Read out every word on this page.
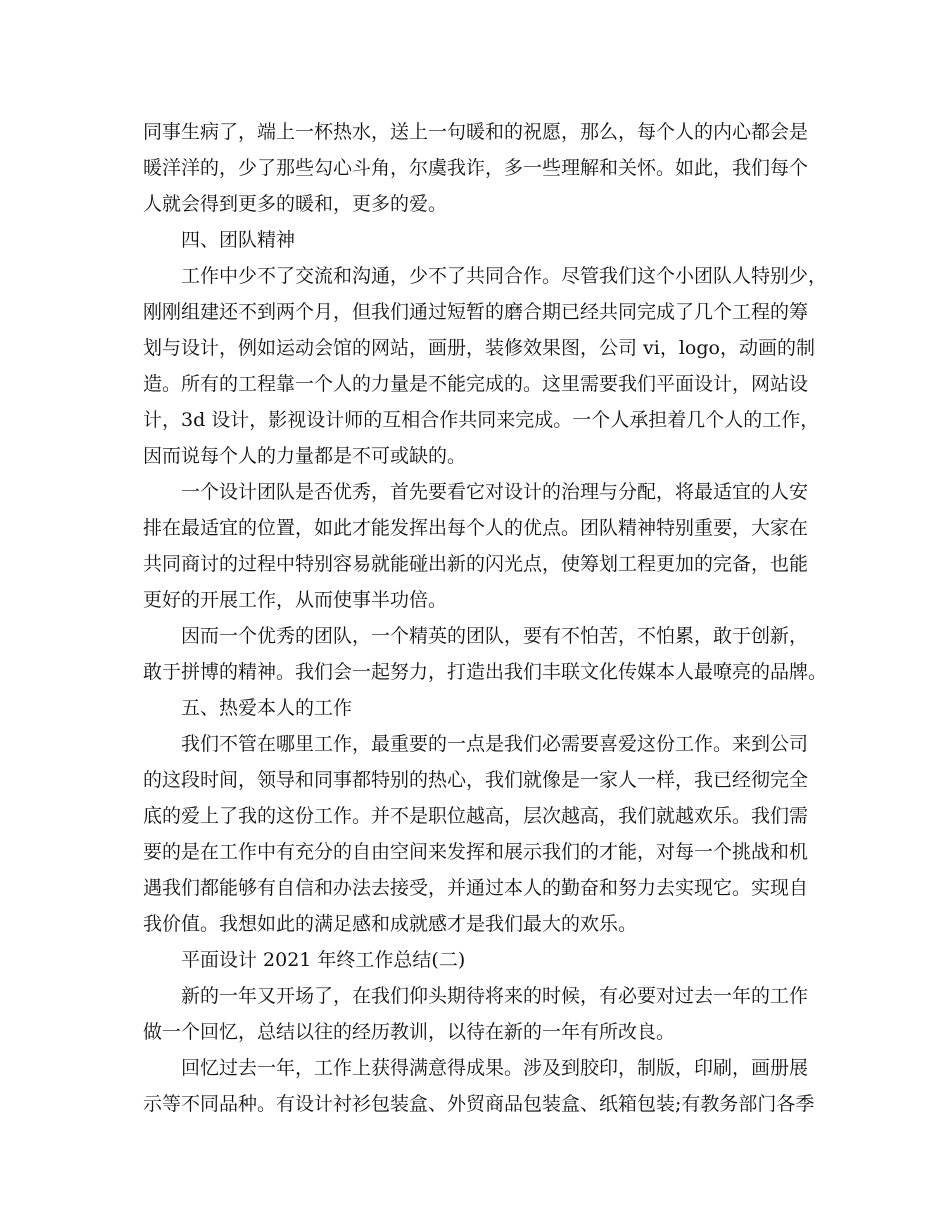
同事生病了，端上一杯热水，送上一句暖和的祝愿，那么，每个人的内心都会是
暖洋洋的，少了那些勾心斗角，尔虞我诈，多一些理解和关怀。如此，我们每个
人就会得到更多的暖和，更多的爱。
四、团队精神
工作中少不了交流和沟通，少不了共同合作。尽管我们这个小团队人特别少，
刚刚组建还不到两个月，但我们通过短暂的磨合期已经共同完成了几个工程的筹
划与设计，例如运动会馆的网站，画册，装修效果图，公司 vi，logo，动画的制
造。所有的工程靠一个人的力量是不能完成的。这里需要我们平面设计，网站设
计，3d 设计，影视设计师的互相合作共同来完成。一个人承担着几个人的工作，
因而说每个人的力量都是不可或缺的。
一个设计团队是否优秀，首先要看它对设计的治理与分配，将最适宜的人安
排在最适宜的位置，如此才能发挥出每个人的优点。团队精神特别重要，大家在
共同商讨的过程中特别容易就能碰出新的闪光点，使筹划工程更加的完备，也能
更好的开展工作，从而使事半功倍。
因而一个优秀的团队，一个精英的团队，要有不怕苦，不怕累，敢于创新，
敢于拼博的精神。我们会一起努力，打造出我们丰联文化传媒本人最嘹亮的品牌。
五、热爱本人的工作
我们不管在哪里工作，最重要的一点是我们必需要喜爱这份工作。来到公司
的这段时间，领导和同事都特别的热心，我们就像是一家人一样，我已经彻完全
底的爱上了我的这份工作。并不是职位越高，层次越高，我们就越欢乐。我们需
要的是在工作中有充分的自由空间来发挥和展示我们的才能，对每一个挑战和机
遇我们都能够有自信和办法去接受，并通过本人的勤奋和努力去实现它。实现自
我价值。我想如此的满足感和成就感才是我们最大的欢乐。
平面设计 2021 年终工作总结(二)
新的一年又开场了，在我们仰头期待将来的时候，有必要对过去一年的工作
做一个回忆，总结以往的经历教训，以待在新的一年有所改良。
回忆过去一年，工作上获得满意得成果。涉及到胶印，制版，印刷，画册展
示等不同品种。有设计衬衫包装盒、外贸商品包装盒、纸箱包装;有教务部门各季
